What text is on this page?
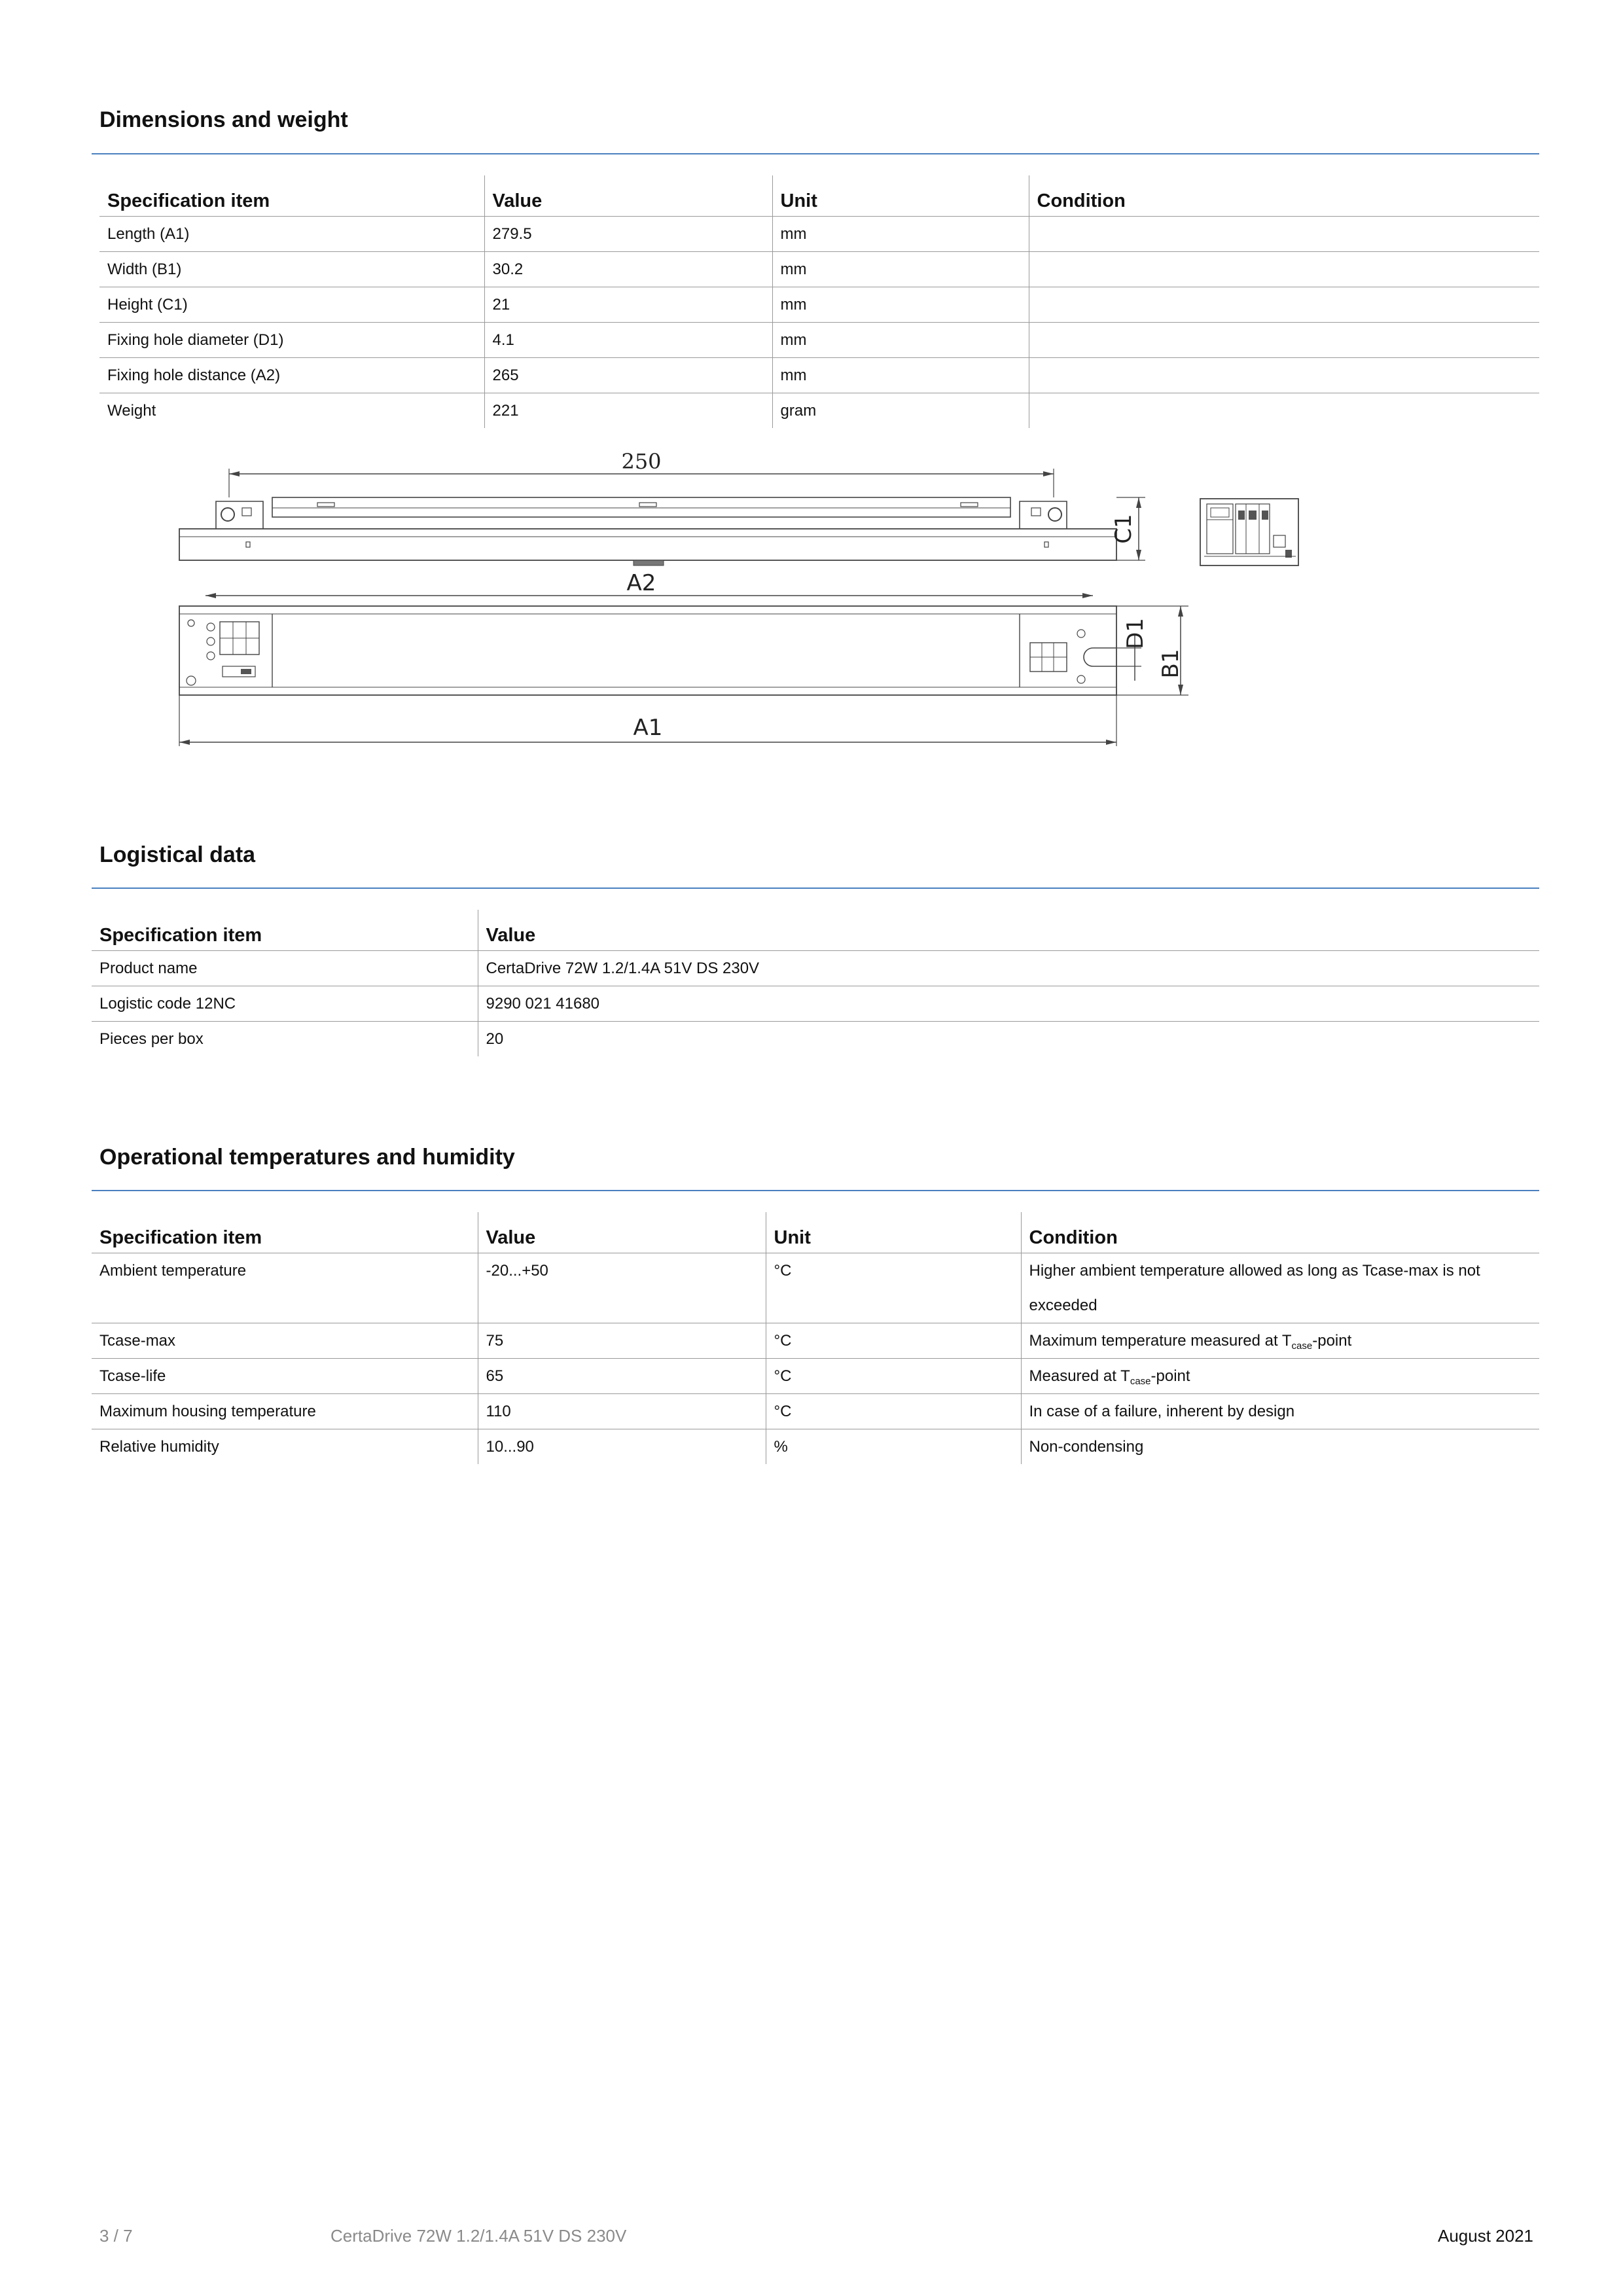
Dimensions and weight
Specification item	Value	Unit	Condition
Length (A1)	279.5	mm	
Width (B1)	30.2	mm	
Height (C1)	21	mm	
Fixing hole diameter (D1)	4.1	mm	
Fixing hole distance (A2)	265	mm	
Weight	221	gram	
250
C1
A2
D1
B1
A1
Logistical data
Specification item	Value
Product name	CertaDrive 72W 1.2/1.4A 51V DS 230V
Logistic code 12NC	9290 021 41680
Pieces per box	20
Operational temperatures and humidity
Specification item	Value	Unit	Condition
Ambient temperature	-20...+50	°C	Higher ambient temperature allowed as long as Tcase-max is not exceeded
Tcase-max	75	°C	Maximum temperature measured at $T_{case}$-point
Tcase-life	65	°C	Measured at $T_{case}$-point
Maximum housing temperature	110	°C	In case of a failure, inherent by design
Relative humidity	10...90	%	Non-condensing
3 / 7	CertaDrive 72W 1.2/1.4A 51V DS 230V	August 2021
